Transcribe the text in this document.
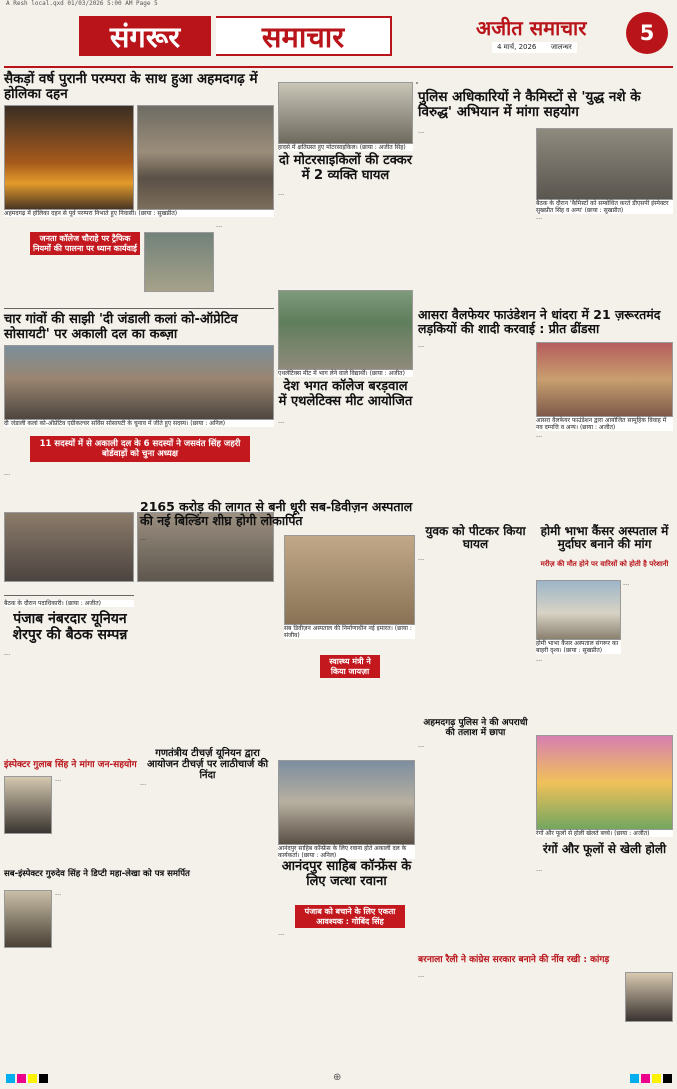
A Resh local.qxd 01/03/2026 5:00 AM Page 5
संगरूर	समाचार	अजीत समाचार
4 मार्च, 2026 जालन्धर
5
सैकड़ों वर्ष पुरानी परम्परा के साथ हुआ अहमदगढ़ में होलिका दहन
अहमदगढ़ में होलिका दहन से पूर्व परम्परा निभाते हुए निवासी। (छाया : सुखप्रीत)
जनता कॉलेज चौराहे पर ट्रैफिक नियमों की पालना पर ध्यान कार्यवाई
…
चार गांवों की साझी 'दी जंडाली कलां को-ऑप्रेटिव सोसायटी' पर अकाली दल का कब्ज़ा
दी जंडाली कलां को-ऑप्रेटिव एग्रीकल्चर सर्विस सोसायटी के चुनाव में जीते हुए सदस्य। (छाया : अनिल)
11 सदस्यों में से अकाली दल के 6 सदस्यों ने जसवंत सिंह जहरी बोर्डवाड़ों को चुना अध्यक्ष
…
बैठक के दौरान पदाधिकारी। (छाया : अजीत)
पंजाब नंबरदार यूनियन शेरपुर की बैठक सम्पन्न
…
इंस्पेक्टर गुलाब सिंह ने मांगा जन-सहयोग
…
सब-इंस्पेक्टर गुरुदेव सिंह ने डिप्टी महा-लेखा को पत्र समर्पित
…
हादसे में क्षतिग्रस्त हुए मोटरसाइकिल। (छाया : अजीत सिंह)
दो मोटरसाइकिलों की टक्कर में 2 व्यक्ति घायल
…
एथलेटिक्स मीट में भाग लेने वाले विद्यार्थी। (छाया : अजीत)
देश भगत कॉलेज बरड़वाल में एथलेटिक्स मीट आयोजित
…
2165 करोड़ की लागत से बनी धूरी सब-डिवीज़न अस्पताल की नई बिल्डिंग शीघ्र होगी लोकार्पित
…
सब डिवीज़न अस्पताल की निर्माणाधीन नई इमारत। (छाया : संजीव)
स्वास्थ्य मंत्री ने किया जायज़ा
गणतंत्रीय टीचर्ज़ यूनियन द्वारा आयोजन टीचर्ज़ पर लाठीचार्ज की निंदा
…
आनंदपुर साहिब कॉन्फ्रेंस के लिए रवाना होते अकाली दल के कार्यकर्ता। (छाया : अनिल)
आनंदपुर साहिब कॉन्फ्रेंस के लिए जत्था रवाना
पंजाब को बचाने के लिए एकता आवश्यक : गोबिंद सिंह
…
पुलिस अधिकारियों ने कैमिस्टों से 'युद्ध नशे के विरुद्ध' अभियान में मांगा सहयोग
…
बैठक के दौरान 'कैमिस्टों को सम्बोधित करते डीएसपी इंस्पेक्टर सुखप्रीत सिंह व अन्य' (छाया : सुखप्रीत)
…
आसरा वैलफेयर फाउंडेशन ने धांदरा में 21 ज़रूरतमंद लड़कियों की शादी करवाई : प्रीत ढींडसा
…
आसरा वैलफेयर फाउंडेशन द्वारा आयोजित सामूहिक विवाह में नव दम्पत्ति व अन्य। (छाया : अजीत)
…
युवक को पीटकर किया घायल
…
होमी भाभा कैंसर अस्पताल में मुर्दाघर बनाने की मांग
मरीज़ की मौत होने पर वारिसों को होती है परेशानी
…
होमी भाभा कैंसर अस्पताल संगरूर का बाहरी दृश्य। (छाया : सुखप्रीत)
…
अहमदगढ़ पुलिस ने की अपराधी की तलाश में छापा
…
रंगों और फूलों से होली खेलते बच्चे। (छाया : अजीत)
रंगों और फूलों से खेली होली
…
बरनाला रैली ने कांग्रेस सरकार बनाने की नींव रखी : कांगड़
…
⊕
